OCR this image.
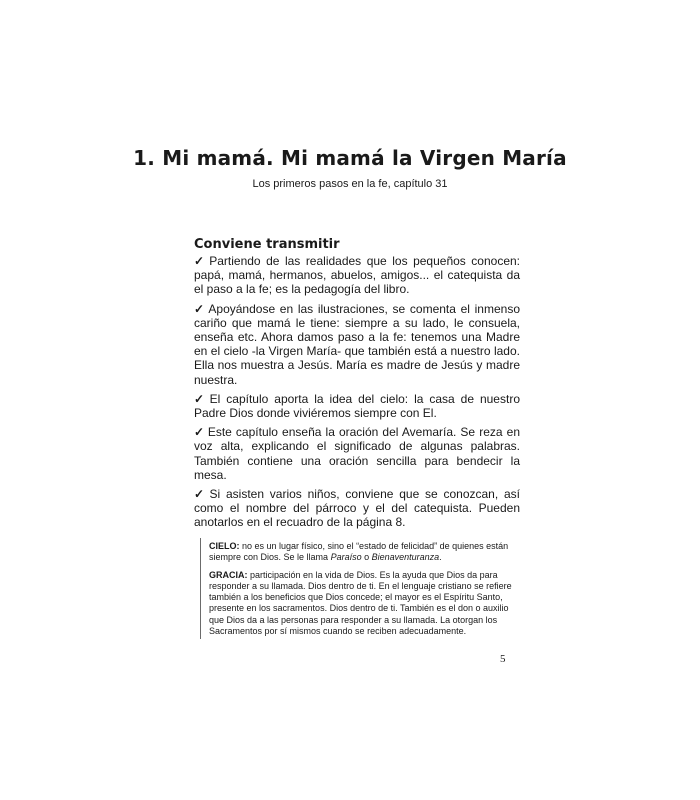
1. Mi mamá. Mi mamá la Virgen María
Los primeros pasos en la fe, capítulo 31
Conviene transmitir

✓ Partiendo de las realidades que los pequeños conocen: papá, mamá, hermanos, abuelos, amigos... el catequista da el paso a la fe; es la pedagogía del libro.

✓ Apoyándose en las ilustraciones, se comenta el inmenso cariño que mamá le tiene: siempre a su lado, le consuela, enseña etc. Ahora damos paso a la fe: tenemos una Madre en el cielo -la Virgen María- que también está a nuestro lado. Ella nos muestra a Jesús. María es madre de Jesús y madre nuestra.

✓ El capítulo aporta la idea del cielo: la casa de nuestro Padre Dios donde viviéremos siempre con El.

✓ Este capítulo enseña la oración del Avemaría. Se reza en voz alta, explicando el significado de algunas palabras. También contiene una oración sencilla para bendecir la mesa.

✓ Si asisten varios niños, conviene que se conozcan, así como el nombre del párroco y el del catequista. Pueden anotarlos en el recuadro de la página 8.

CIELO: no es un lugar físico, sino el “estado de felicidad” de quienes están siempre con Dios. Se le llama Paraíso o Bienaventuranza.

GRACIA: participación en la vida de Dios. Es la ayuda que Dios da para responder a su llamada. Dios dentro de ti. En el lenguaje cristiano se refiere también a los beneficios que Dios concede; el mayor es el Espíritu Santo, presente en los sacramentos. Dios dentro de ti. También es el don o auxilio que Dios da a las personas para responder a su llamada. La otorgan los Sacramentos por sí mismos cuando se reciben adecuadamente.

5
